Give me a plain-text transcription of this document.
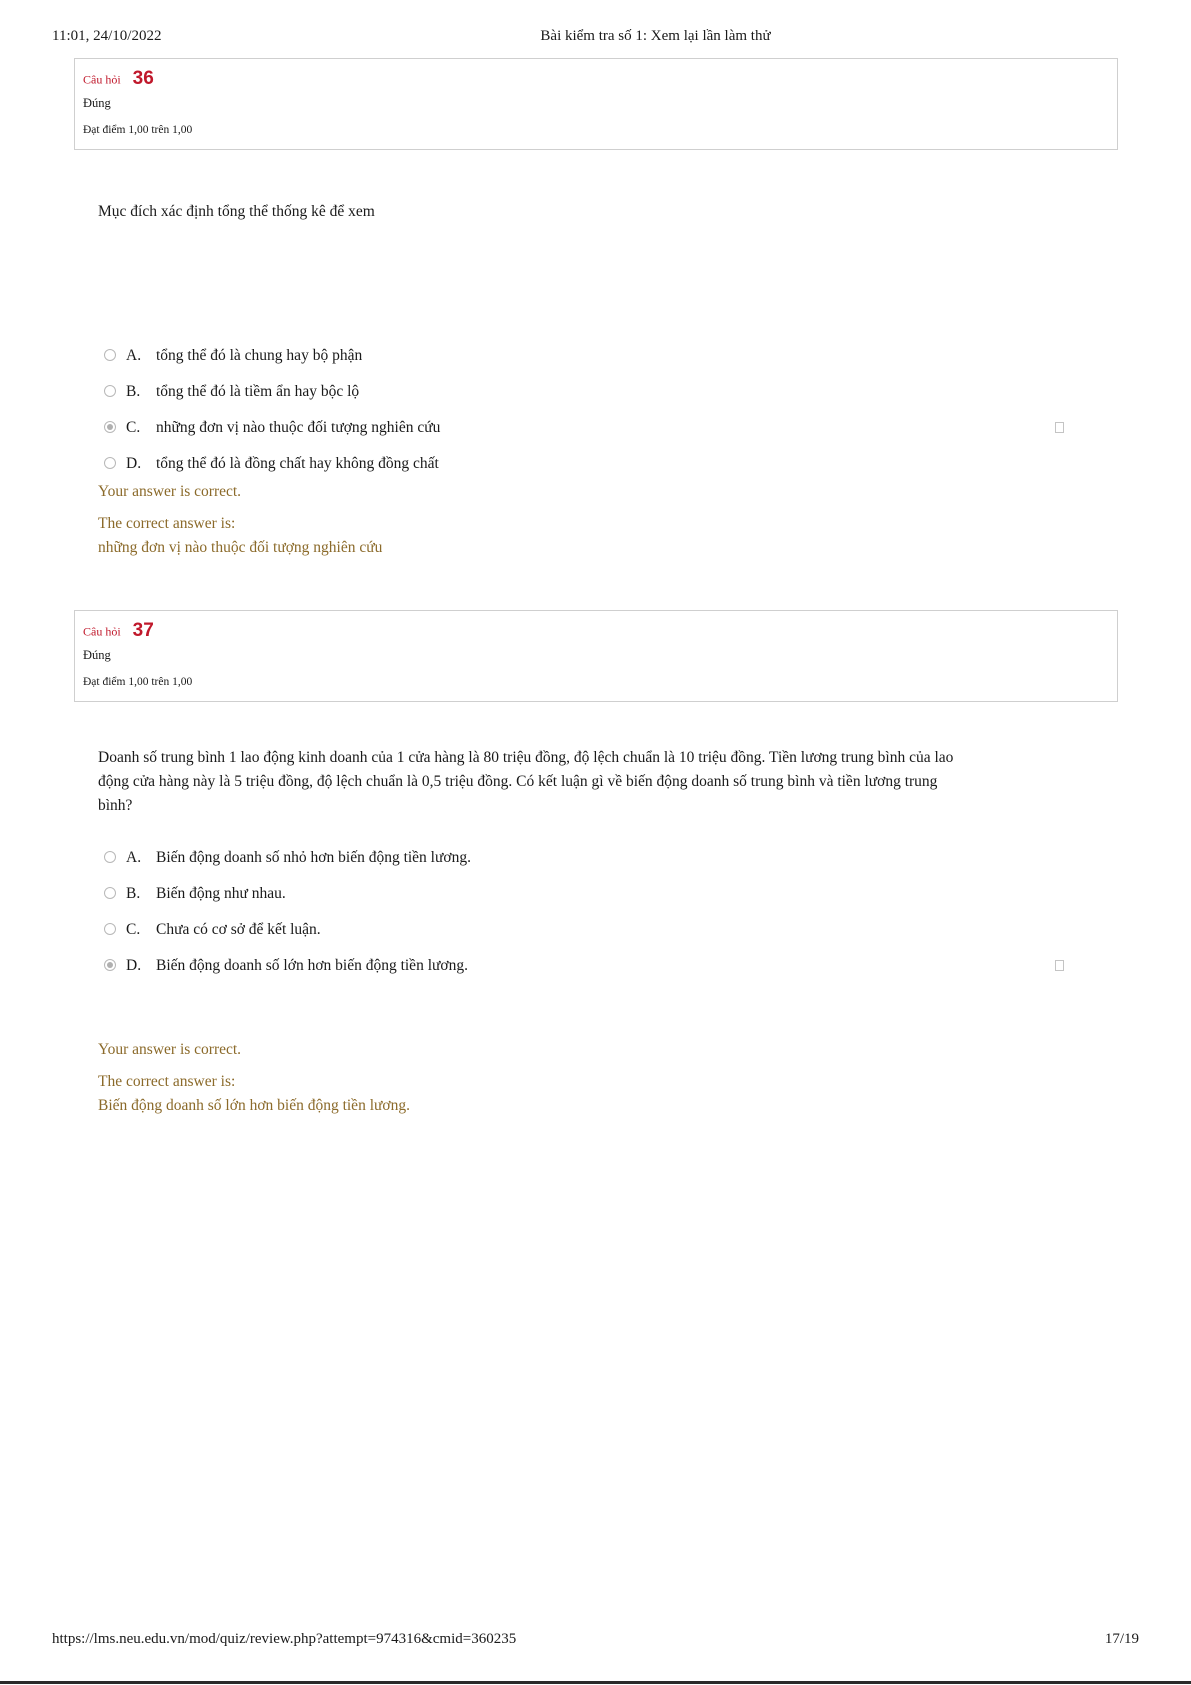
11:01, 24/10/2022	Bài kiểm tra số 1: Xem lại lần làm thử
Câu hỏi 36
Đúng
Đạt điểm 1,00 trên 1,00
Mục đích xác định tổng thể thống kê để xem
A. tổng thể đó là chung hay bộ phận
B. tổng thể đó là tiềm ẩn hay bộc lộ
C. những đơn vị nào thuộc đối tượng nghiên cứu
D. tổng thể đó là đồng chất hay không đồng chất
Your answer is correct.
The correct answer is:
những đơn vị nào thuộc đối tượng nghiên cứu
Câu hỏi 37
Đúng
Đạt điểm 1,00 trên 1,00
Doanh số trung bình 1 lao động kinh doanh của 1 cửa hàng là 80 triệu đồng, độ lệch chuẩn là 10 triệu đồng. Tiền lương trung bình của lao
động cửa hàng này là 5 triệu đồng, độ lệch chuẩn là 0,5 triệu đồng. Có kết luận gì về biến động doanh số trung bình và tiền lương trung
bình?
A. Biến động doanh số nhỏ hơn biến động tiền lương.
B. Biến động như nhau.
C. Chưa có cơ sở để kết luận.
D. Biến động doanh số lớn hơn biến động tiền lương.
Your answer is correct.
The correct answer is:
Biến động doanh số lớn hơn biến động tiền lương.
https://lms.neu.edu.vn/mod/quiz/review.php?attempt=974316&cmid=360235	17/19
